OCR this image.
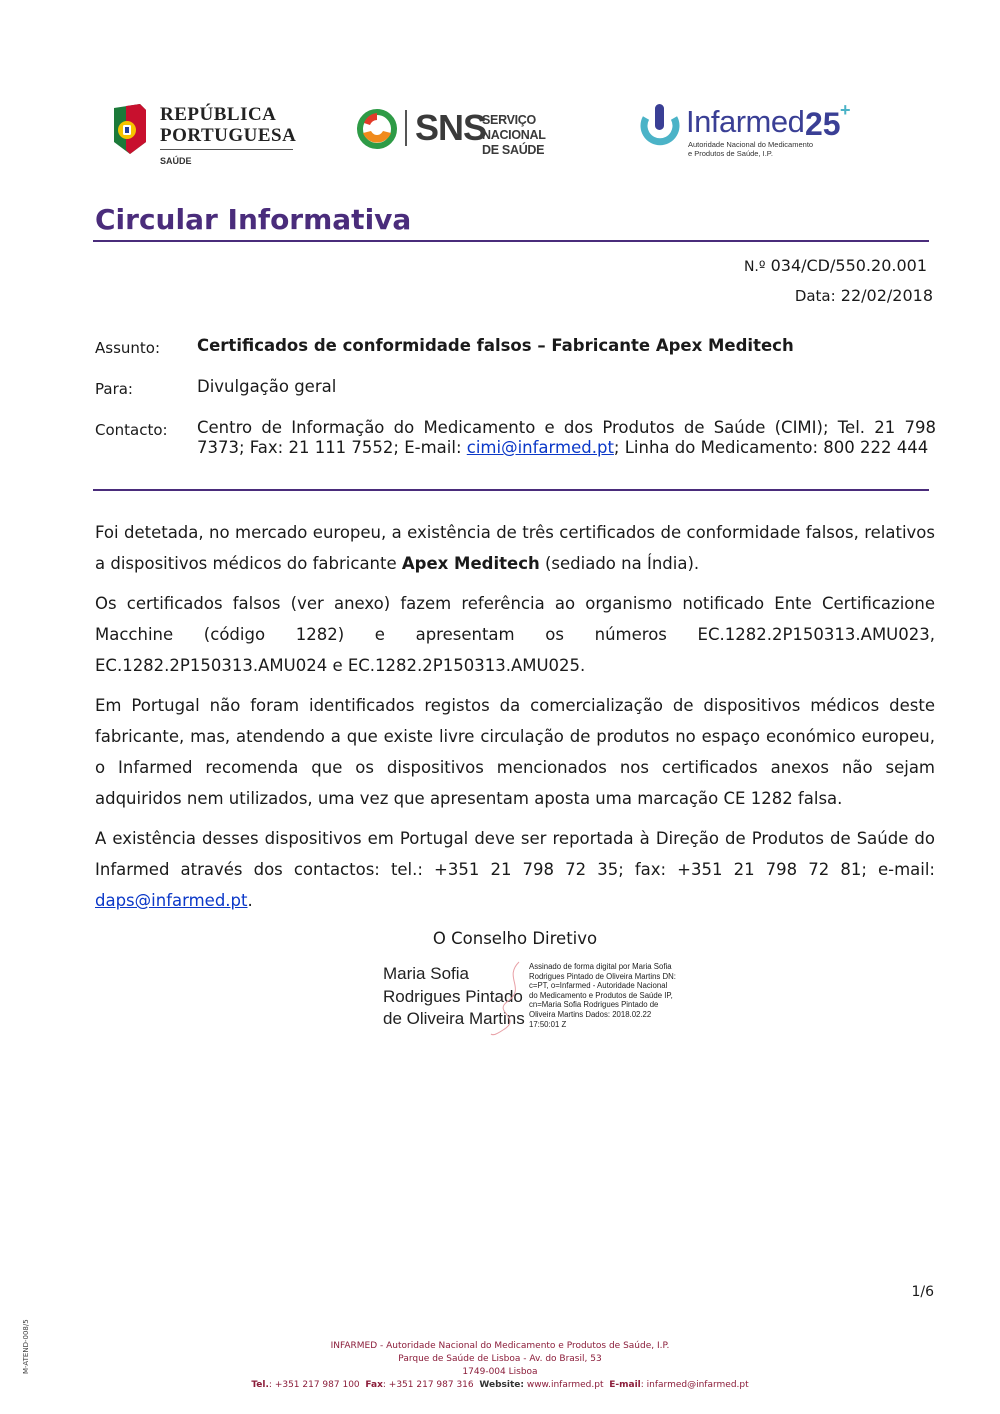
REPÚBLICA
PORTUGUESA
SAÚDE
SNS
SERVIÇO NACIONAL
DE SAÚDE
Infarmed 25 +
Autoridade Nacional do Medicamento
e Produtos de Saúde, I.P.
Circular Informativa
N.º 034/CD/550.20.001
Data: 22/02/2018
Assunto: Certificados de conformidade falsos – Fabricante Apex Meditech
Para:	Divulgação geral
Contacto: Centro de Informação do Medicamento e dos Produtos de Saúde (CIMI); Tel. 21 798 7373; Fax: 21 111 7552; E-mail: cimi@infarmed.pt; Linha do Medicamento: 800 222 444
Foi detetada, no mercado europeu, a existência de três certificados de conformidade falsos, relativos a dispositivos médicos do fabricante Apex Meditech (sediado na Índia).
Os certificados falsos (ver anexo) fazem referência ao organismo notificado Ente Certificazione Macchine (código 1282) e apresentam os números EC.1282.2P150313.AMU023, EC.1282.2P150313.AMU024 e EC.1282.2P150313.AMU025.
Em Portugal não foram identificados registos da comercialização de dispositivos médicos deste fabricante, mas, atendendo a que existe livre circulação de produtos no espaço económico europeu, o Infarmed recomenda que os dispositivos mencionados nos certificados anexos não sejam adquiridos nem utilizados, uma vez que apresentam aposta uma marcação CE 1282 falsa.
A existência desses dispositivos em Portugal deve ser reportada à Direção de Produtos de Saúde do Infarmed através dos contactos: tel.: +351 21 798 72 35; fax: +351 21 798 72 81; e-mail: daps@infarmed.pt.
O Conselho Diretivo
Maria Sofia
Rodrigues Pintado
de Oliveira Martins
Assinado de forma digital por Maria Sofia Rodrigues Pintado de Oliveira Martins DN: c=PT, o=Infarmed - Autoridade Nacional do Medicamento e Produtos de Saúde IP, cn=Maria Sofia Rodrigues Pintado de Oliveira Martins Dados: 2018.02.22 17:50:01 Z
1/6
M-ATEND-008/5	INFARMED - Autoridade Nacional do Medicamento e Produtos de Saúde, I.P.
Parque de Saúde de Lisboa - Av. do Brasil, 53
1749-004 Lisboa
Tel.: +351 217 987 100 Fax: +351 217 987 316 Website: www.infarmed.pt E-mail: infarmed@infarmed.pt
